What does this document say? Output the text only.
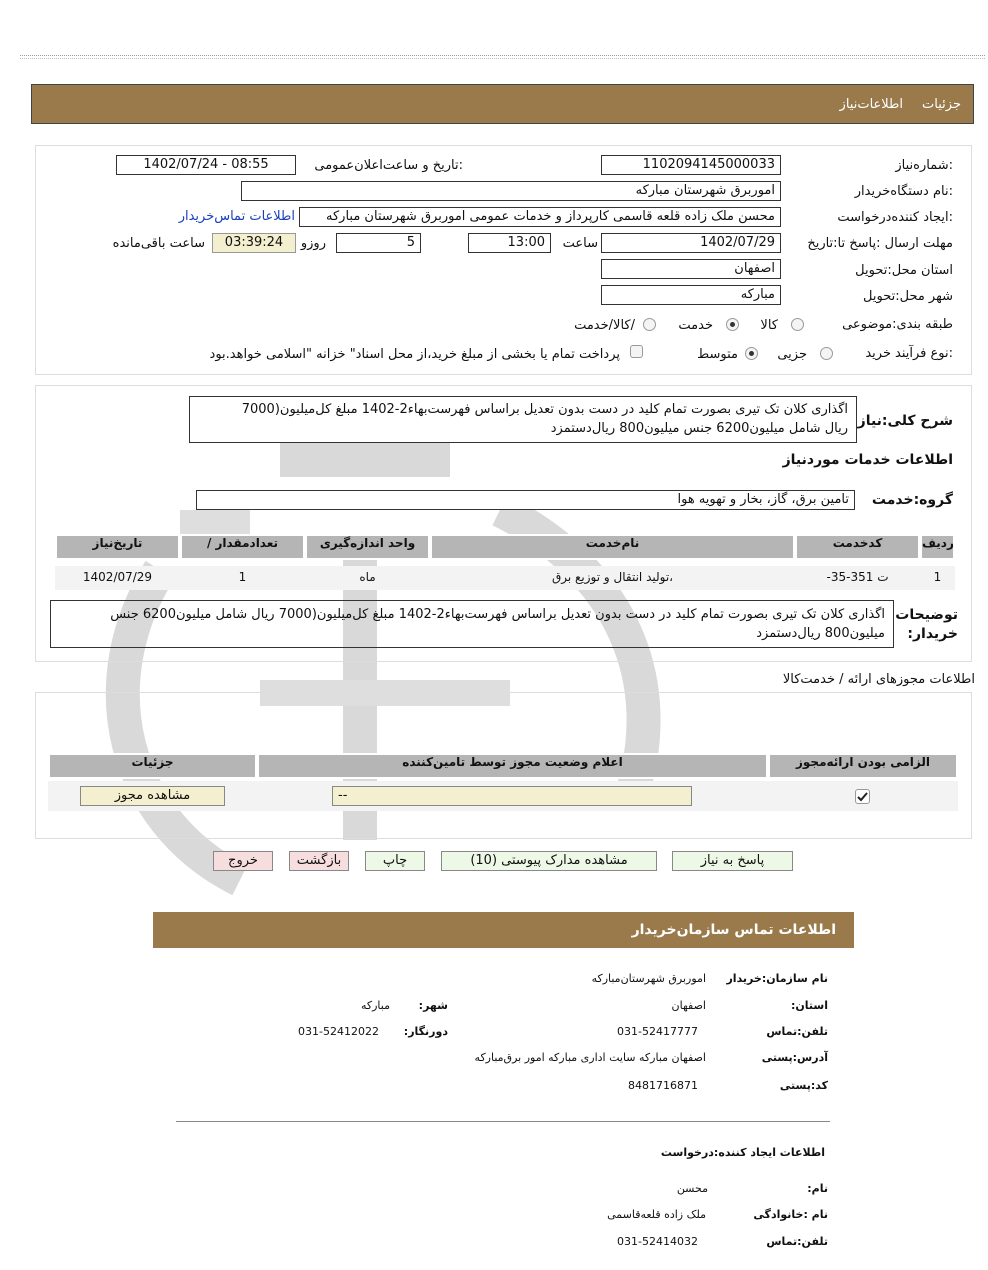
جزئیات
اطلاعات‌نیاز
شماره‌نیاز:
1102094145000033
تاریخ و ساعت‌اعلان‌عمومی:
1402/07/24 - 08:55
نام دستگاه‌خریدار:
اموربرق شهرستان مبارکه
ایجاد کننده‌درخواست:
محسن ملک زاده قلعه قاسمی کارپرداز و خدمات عمومی اموربرق شهرستان مبارکه
اطلاعات تماس‌خریدار
مهلت ارسال :پاسخ تا:تاریخ
1402/07/29
ساعت
13:00
5
روزو
03:39:24
ساعت باقی‌مانده
استان محل:تحویل
اصفهان
شهر محل:تحویل
مبارکه
طبقه بندی:موضوعی
کالا
خدمت
کالا/خدمت/
نوع فرآیند:
خرید
جزیی
متوسط
پرداخت تمام یا بخشی از مبلغ خرید،از محل اسناد" خزانه "اسلامی خواهد.بود
شرح کلی:نیاز
اگذاری کلان تک تیری بصورت تمام کلید در دست بدون تعدیل براساس فهرست‌بهاء2-1402 مبلغ کل‌میلیون(7000
ریال شامل میلیون6200 جنس میلیون800 ریال‌دستمزد
اطلاعات خدمات موردنیاز
گروه:خدمت
تامین برق، گاز، بخار و تهویه هوا
ردیف
کدخدمت
نام‌خدمت
واحد اندازه‌گیری
/ تعدادمقدار
تاریخ‌نیاز
1
ت 351-35-
،تولید انتقال و توزیع برق
ماه
1
1402/07/29
توضیحات
:خریدار
اگذاری کلان تک تیری بصورت تمام کلید در دست بدون تعدیل براساس فهرست‌بهاء2-1402 مبلغ کل‌میلیون(7000 ریال شامل میلیون6200 جنس
میلیون800 ریال‌دستمزد
اطلاعات مجوزهای ارائه / خدمت‌کالا
الزامی بودن ارائه‌مجوز
اعلام وضعیت مجوز توسط تامین‌کننده
جزئیات
--
مشاهده مجوز
پاسخ به نیاز
مشاهده مدارک پیوستی (10)
چاپ
بازگشت
خروج
اطلاعات تماس سازمان‌خریدار
نام سازمان:خریدار
اموربرق شهرستان‌مبارکه
:استان
اصفهان
:شهر
مبارکه
تلفن:تماس
031-52417777
:دورنگار
031-52412022
آدرس:پستی
اصفهان مبارکه سایت اداری مبارکه امور برق‌مبارکه
کد:پستی
8481716871
اطلاعات ایجاد کننده:درخواست
:نام
محسن
نام :خانوادگی
ملک زاده قلعه‌قاسمی
تلفن:تماس
031-52414032
